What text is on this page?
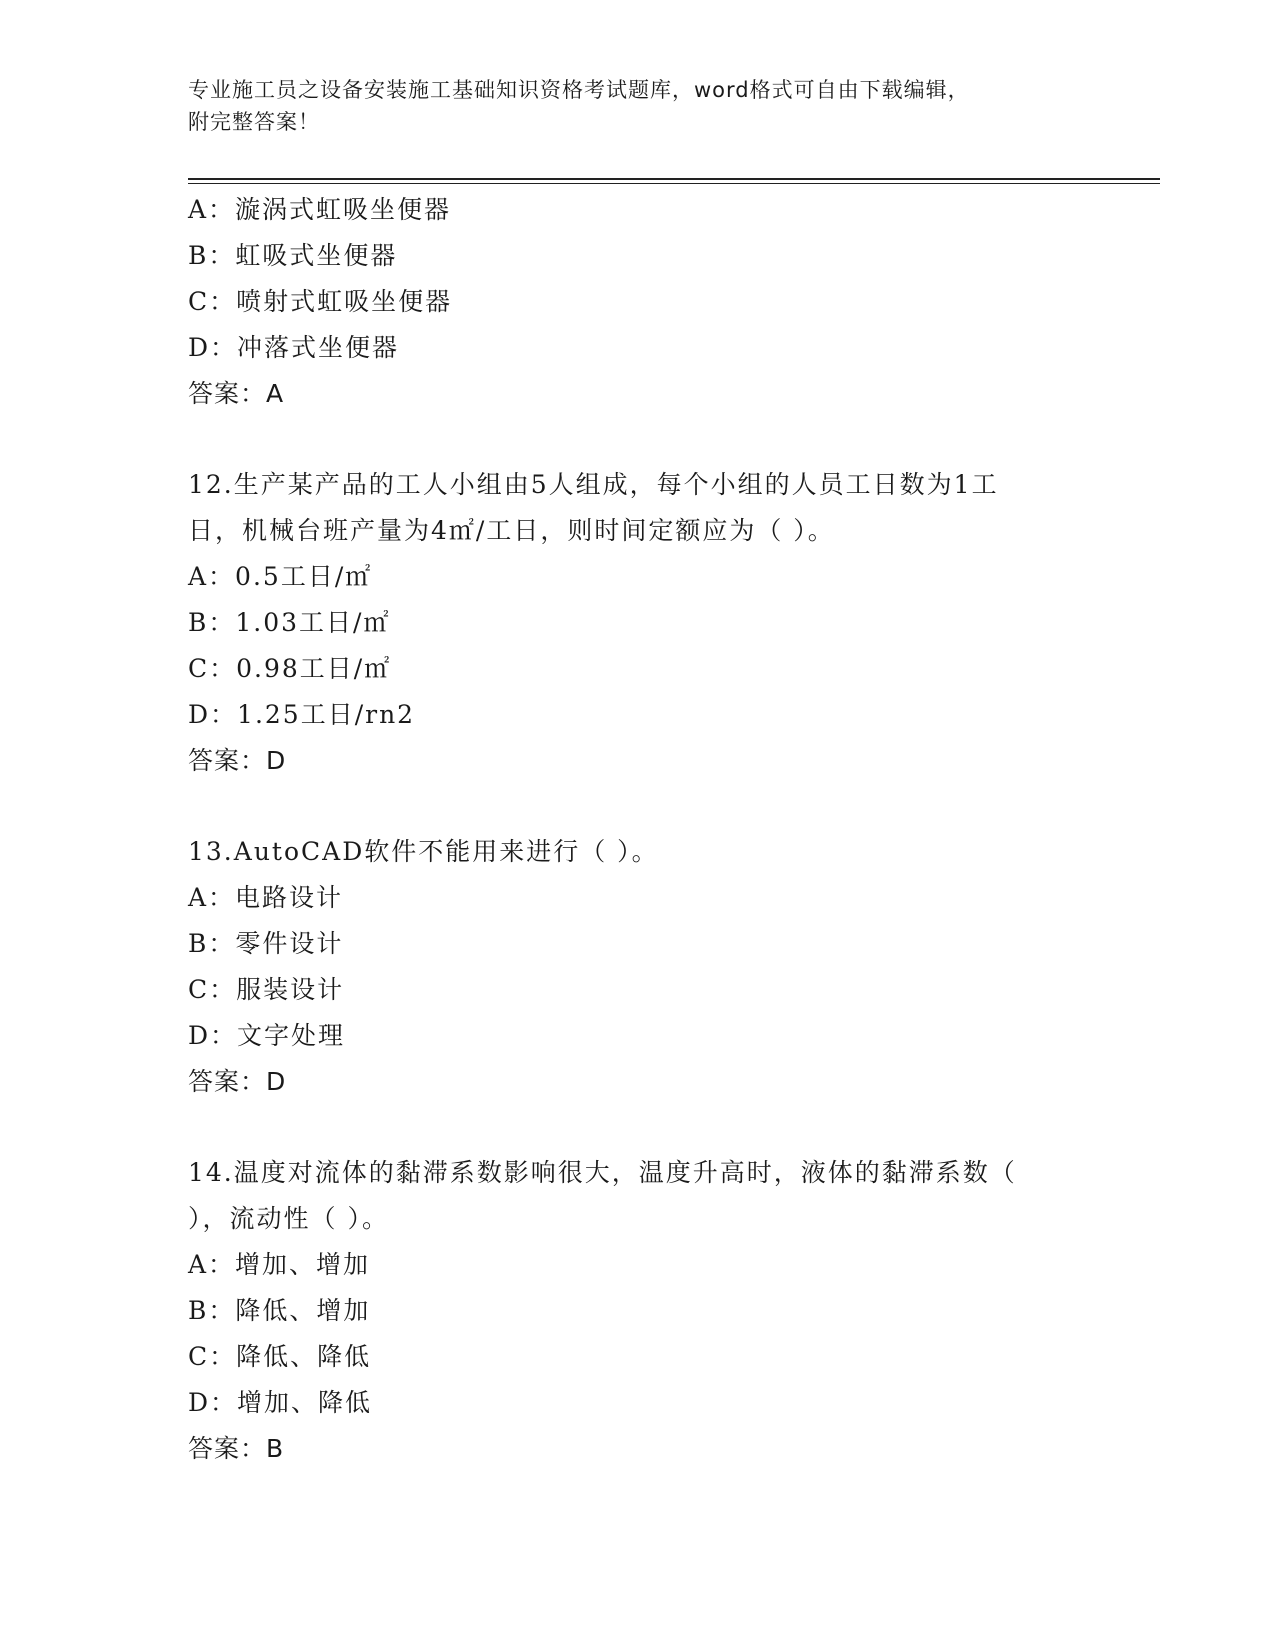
专业施工员之设备安装施工基础知识资格考试题库，word格式可自由下载编辑，
附完整答案！
A：漩涡式虹吸坐便器
B：虹吸式坐便器
C：喷射式虹吸坐便器
D：冲落式坐便器
答案：A
12.生产某产品的工人小组由5人组成，每个小组的人员工日数为1工
日，机械台班产量为4㎡/工日，则时间定额应为（ ）。
A：0.5工日/㎡
B：1.03工日/㎡
C：0.98工日/㎡
D：1.25工日/rn2
答案：D
13.AutoCAD软件不能用来进行（ ）。
A：电路设计
B：零件设计
C：服装设计
D：文字处理
答案：D
14.温度对流体的黏滞系数影响很大，温度升高时，液体的黏滞系数（
），流动性（ ）。
A：增加、增加
B：降低、增加
C：降低、降低
D：增加、降低
答案：B
